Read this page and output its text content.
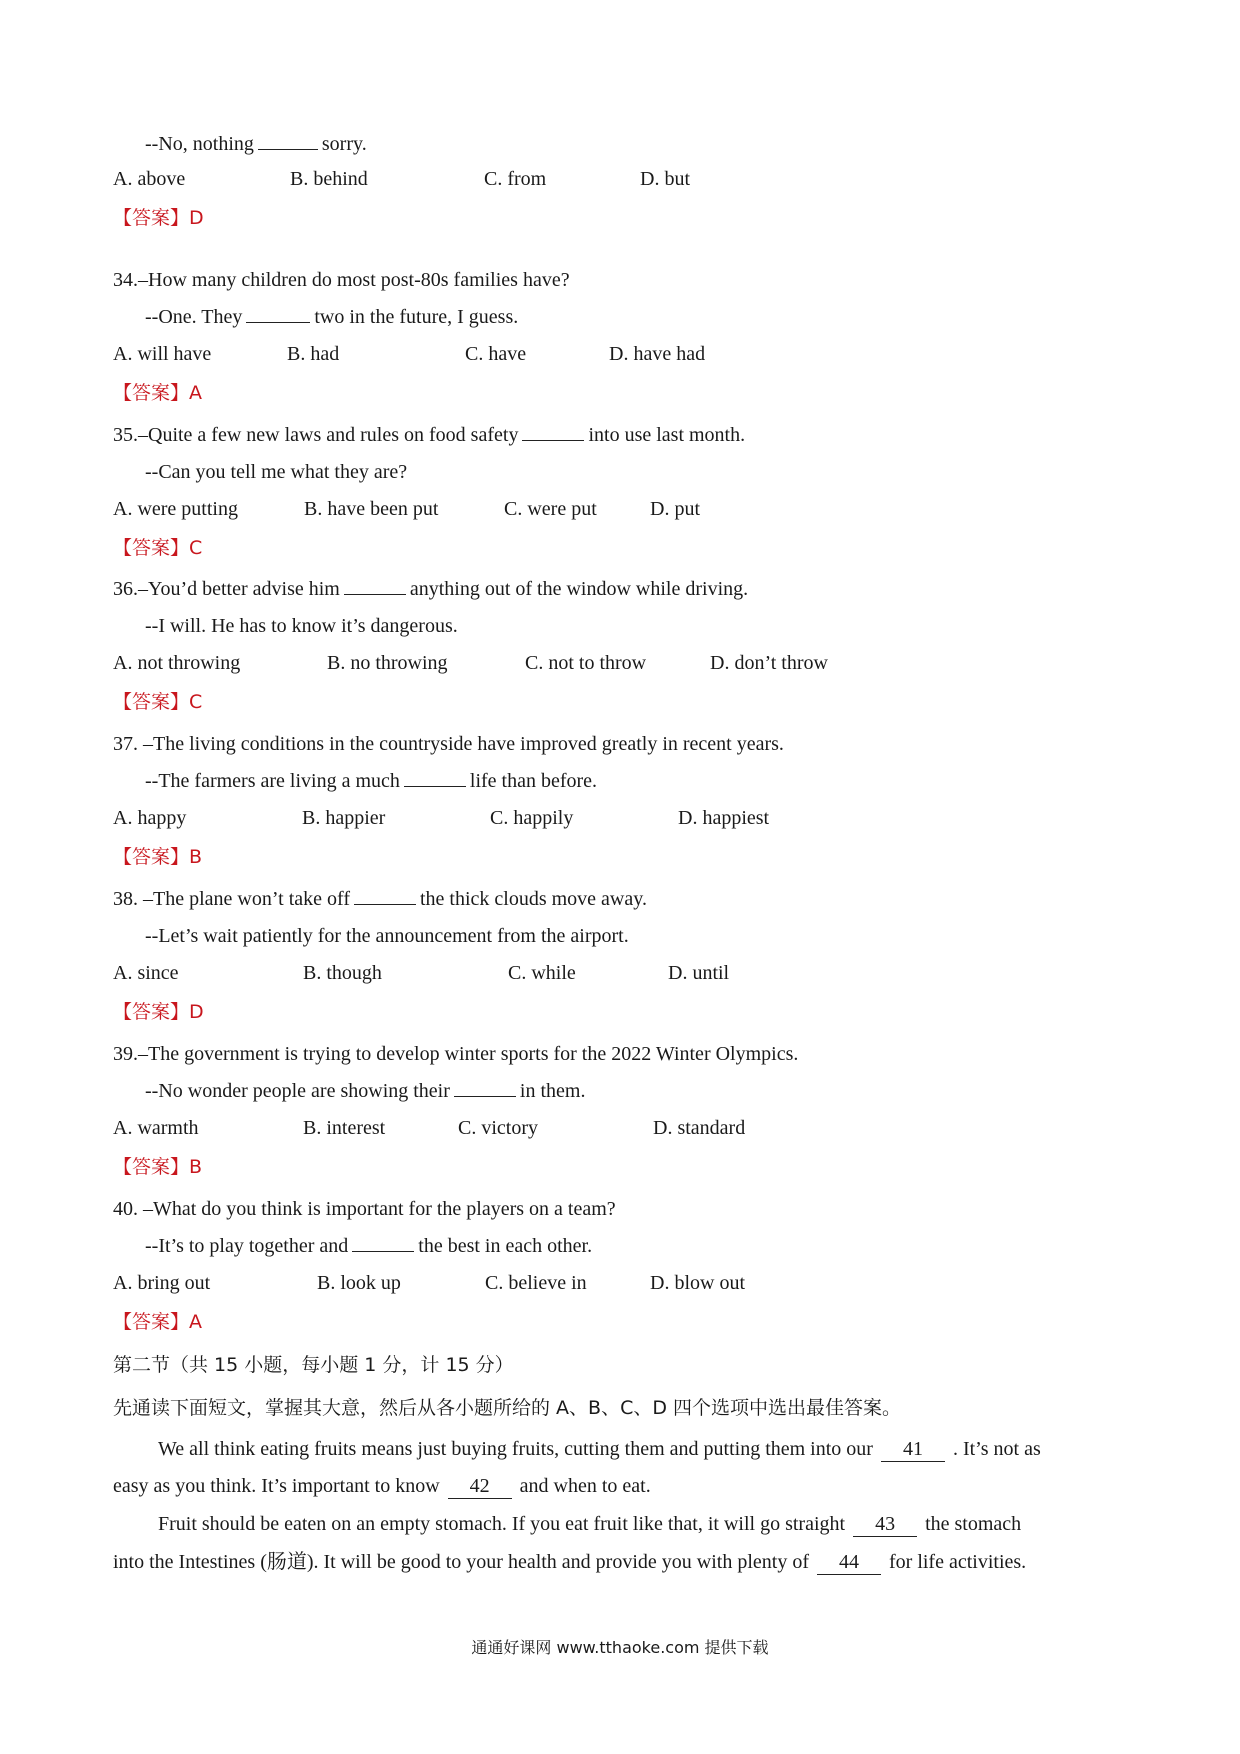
--No, nothing	sorry.
A. above	B. behind	C. from	D. but
【答案】D
34.–How many children do most post-80s families have?
--One. They	two in the future, I guess.
A. will have	B. had	C. have	D. have had
【答案】A
35.–Quite a few new laws and rules on food safety	into use last month.
--Can you tell me what they are?
A. were putting	B. have been put	C. were put	D. put
【答案】C
36.–You’d better advise him	anything out of the window while driving.
--I will. He has to know it’s dangerous.
A. not throwing	B. no throwing	C. not to throw	D. don’t throw
【答案】C
37. –The living conditions in the countryside have improved greatly in recent years.
--The farmers are living a much	life than before.
A. happy	B. happier	C. happily	D. happiest
【答案】B
38. –The plane won’t take off	the thick clouds move away.
--Let’s wait patiently for the announcement from the airport.
A. since	B. though	C. while	D. until
【答案】D
39.–The government is trying to develop winter sports for the 2022 Winter Olympics.
--No wonder people are showing their	in them.
A. warmth	B. interest	C. victory	D. standard
【答案】B
40. –What do you think is important for the players on a team?
--It’s to play together and	the best in each other.
A. bring out	B. look up	C. believe in	D. blow out
【答案】A
第二节（共 15 小题，每小题 1 分，计 15 分）
先通读下面短文，掌握其大意，然后从各小题所给的 A、B、C、D 四个选项中选出最佳答案。
We all think eating fruits means just buying fruits, cutting them and putting them into our 41 . It’s not as
easy as you think. It’s important to know 42 and when to eat.
Fruit should be eaten on an empty stomach. If you eat fruit like that, it will go straight 43 the stomach
into the Intestines (肠道). It will be good to your health and provide you with plenty of 44 for life activities.
通通好课网 www.tthaoke.com 提供下载
